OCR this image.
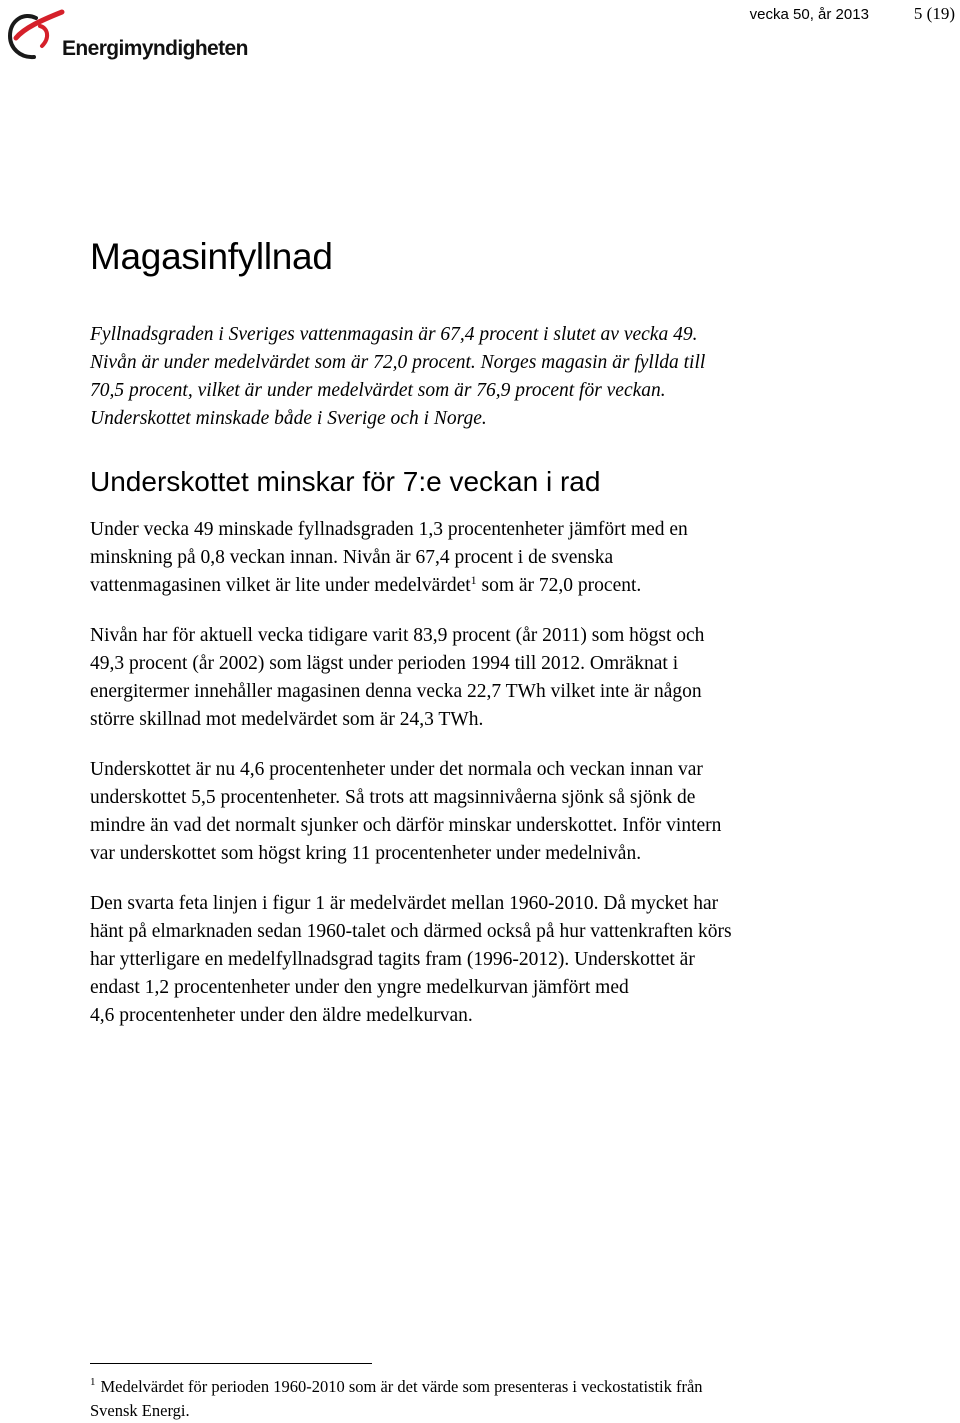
Energimyndigheten
vecka 50, år 2013	5 (19)
Magasinfyllnad

Fyllnadsgraden i Sveriges vattenmagasin är 67,4 procent i slutet av vecka 49.
Nivån är under medelvärdet som är 72,0 procent. Norges magasin är fyllda till
70,5 procent, vilket är under medelvärdet som är 76,9 procent för veckan.
Underskottet minskade både i Sverige och i Norge.

Underskottet minskar för 7:e veckan i rad

Under vecka 49 minskade fyllnadsgraden 1,3 procentenheter jämfört med en
minskning på 0,8 veckan innan. Nivån är 67,4 procent i de svenska
vattenmagasinen vilket är lite under medelvärdet$^1$ som är 72,0 procent.

Nivån har för aktuell vecka tidigare varit 83,9 procent (år 2011) som högst och
49,3 procent (år 2002) som lägst under perioden 1994 till 2012. Omräknat i
energitermer innehåller magasinen denna vecka 22,7 TWh vilket inte är någon
större skillnad mot medelvärdet som är 24,3 TWh.

Underskottet är nu 4,6 procentenheter under det normala och veckan innan var
underskottet 5,5 procentenheter. Så trots att magsinnivåerna sjönk så sjönk de
mindre än vad det normalt sjunker och därför minskar underskottet. Inför vintern
var underskottet som högst kring 11 procentenheter under medelnivån.

Den svarta feta linjen i figur 1 är medelvärdet mellan 1960-2010. Då mycket har
hänt på elmarknaden sedan 1960-talet och därmed också på hur vattenkraften körs
har ytterligare en medelfyllnadsgrad tagits fram (1996-2012). Underskottet är
endast 1,2 procentenheter under den yngre medelkurvan jämfört med
4,6 procentenheter under den äldre medelkurvan.

$^1$ Medelvärdet för perioden 1960-2010 som är det värde som presenteras i veckostatistik från
Svensk Energi.
